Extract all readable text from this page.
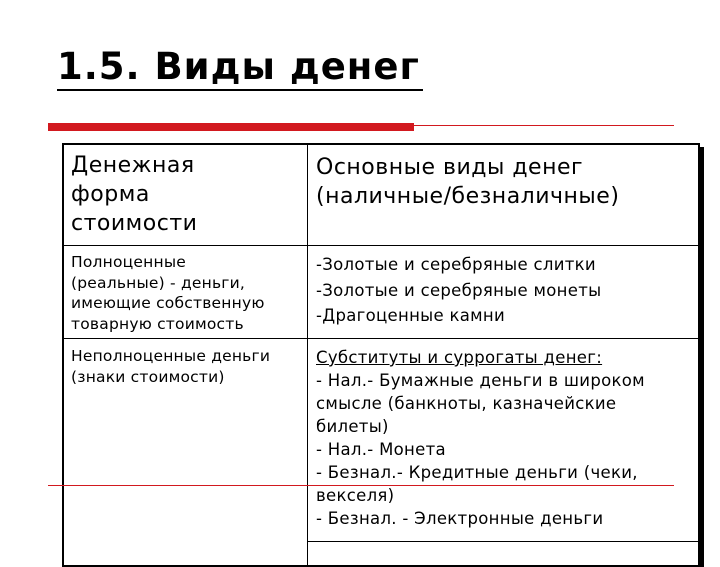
1.5. Виды денег
Денежная
форма
стоимости
Основные виды денег
(наличные/безналичные)
Полноценные
(реальные) - деньги,
имеющие собственную
товарную стоимость
-Золотые и серебряные слитки
-Золотые и серебряные монеты
-Драгоценные камни
Неполноценные деньги
(знаки стоимости)
Субституты и суррогаты денег:
- Нал.- Бумажные деньги в широком
смысле (банкноты, казначейские
билеты)
- Нал.- Монета
- Безнал.- Кредитные деньги (чеки,
векселя)
- Безнал. - Электронные деньги
